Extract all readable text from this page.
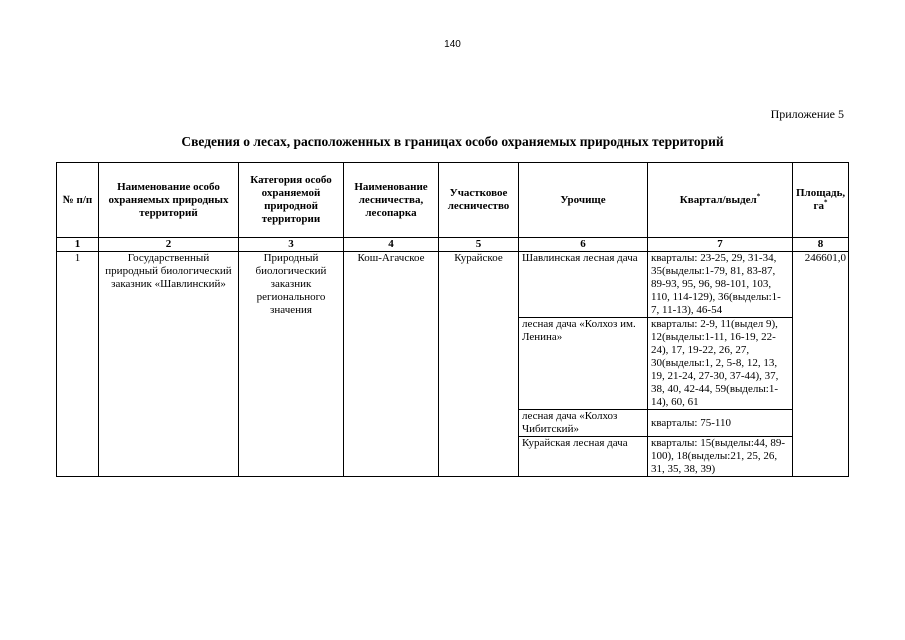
140
Приложение 5
Сведения о лесах, расположенных в границах особо охраняемых природных территорий
№ п/п	Наименование особо охраняемых природных территорий	Категория особо охраняемой природной территории	Наименование лесничества, лесопарка	Участковое лесничество	Урочище	Квартал/выдел*	Площадь, га*
1	2	3	4	5	6	7	8
1	Государственный природный биологический заказник «Шавлинский»	Природный биологический заказник регионального значения	Кош-Агачское	Курайское	Шавлинская лесная дача	кварталы: 23-25, 29, 31-34, 35(выделы:1-79, 81, 83-87, 89-93, 95, 96, 98-101, 103, 110, 114-129), 36(выделы:1-7, 11-13), 46-54	246601,0
					лесная дача «Колхоз им. Ленина»	кварталы: 2-9, 11(выдел 9), 12(выделы:1-11, 16-19, 22-24), 17, 19-22, 26, 27, 30(выделы:1, 2, 5-8, 12, 13, 19, 21-24, 27-30, 37-44), 37, 38, 40, 42-44, 59(выделы:1-14), 60, 61	
					лесная дача «Колхоз Чибитский»	кварталы: 75-110	
					Курайская лесная дача	кварталы: 15(выделы:44, 89-100), 18(выделы:21, 25, 26, 31, 35, 38, 39)	
